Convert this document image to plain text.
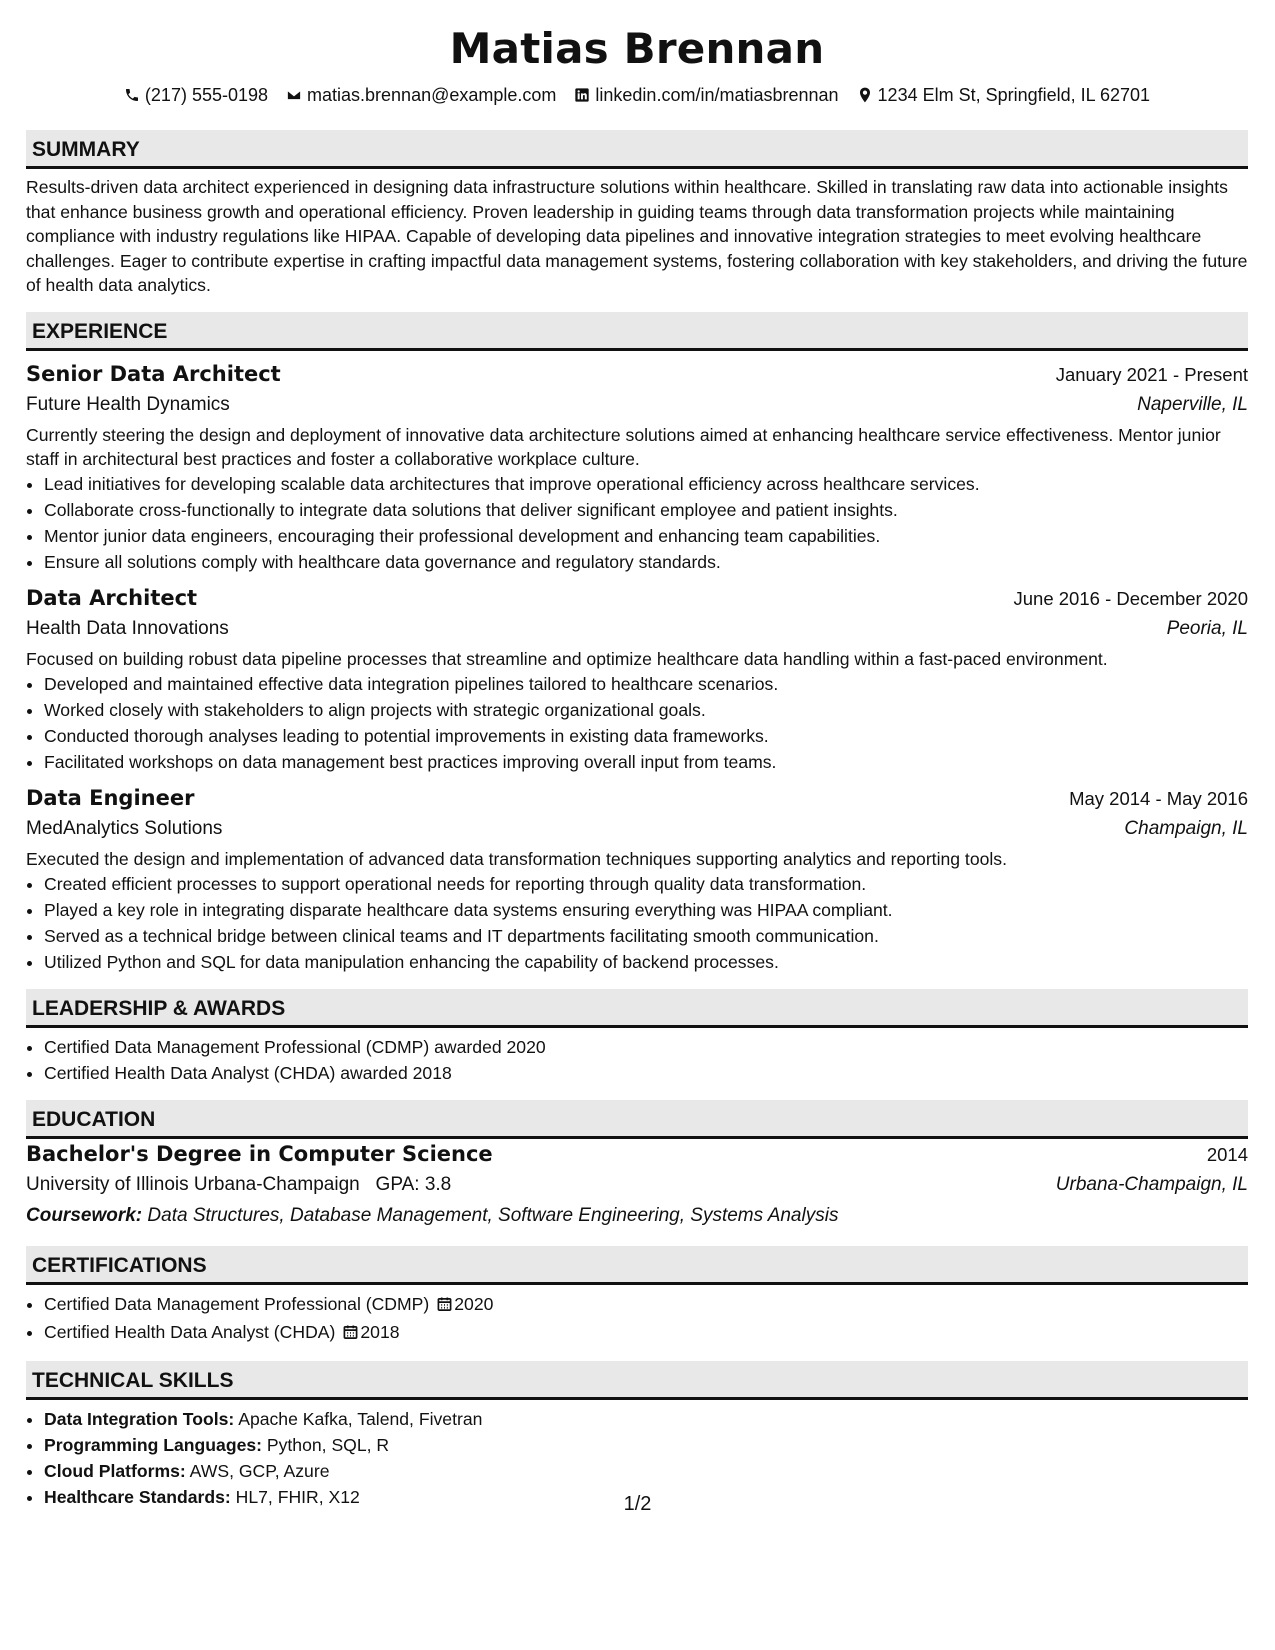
Matias Brennan
(217) 555-0198 matias.brennan@example.com linkedin.com/in/matiasbrennan 1234 Elm St, Springfield, IL 62701
SUMMARY

Results-driven data architect experienced in designing data infrastructure solutions within healthcare. Skilled in translating raw data into actionable insights that enhance business growth and operational efficiency. Proven leadership in guiding teams through data transformation projects while maintaining compliance with industry regulations like HIPAA. Capable of developing data pipelines and innovative integration strategies to meet evolving healthcare challenges. Eager to contribute expertise in crafting impactful data management systems, fostering collaboration with key stakeholders, and driving the future of health data analytics.

EXPERIENCE
Senior Data Architect	January 2021 - Present
Future Health Dynamics	Naperville, IL
Currently steering the design and deployment of innovative data architecture solutions aimed at enhancing healthcare service effectiveness. Mentor junior staff in architectural best practices and foster a collaborative workplace culture.
• Lead initiatives for developing scalable data architectures that improve operational efficiency across healthcare services.
• Collaborate cross-functionally to integrate data solutions that deliver significant employee and patient insights.
• Mentor junior data engineers, encouraging their professional development and enhancing team capabilities.
• Ensure all solutions comply with healthcare data governance and regulatory standards.
Data Architect	June 2016 - December 2020
Health Data Innovations	Peoria, IL
Focused on building robust data pipeline processes that streamline and optimize healthcare data handling within a fast-paced environment.
• Developed and maintained effective data integration pipelines tailored to healthcare scenarios.
• Worked closely with stakeholders to align projects with strategic organizational goals.
• Conducted thorough analyses leading to potential improvements in existing data frameworks.
• Facilitated workshops on data management best practices improving overall input from teams.
Data Engineer	May 2014 - May 2016
MedAnalytics Solutions	Champaign, IL
Executed the design and implementation of advanced data transformation techniques supporting analytics and reporting tools.
• Created efficient processes to support operational needs for reporting through quality data transformation.
• Played a key role in integrating disparate healthcare data systems ensuring everything was HIPAA compliant.
• Served as a technical bridge between clinical teams and IT departments facilitating smooth communication.
• Utilized Python and SQL for data manipulation enhancing the capability of backend processes.
LEADERSHIP & AWARDS
• Certified Data Management Professional (CDMP) awarded 2020
• Certified Health Data Analyst (CHDA) awarded 2018
EDUCATION
Bachelor's Degree in Computer Science	2014
University of Illinois Urbana-Champaign GPA: 3.8	Urbana-Champaign, IL
Coursework: Data Structures, Database Management, Software Engineering, Systems Analysis
CERTIFICATIONS
• Certified Data Management Professional (CDMP) 2020
• Certified Health Data Analyst (CHDA) 2018
TECHNICAL SKILLS
• Data Integration Tools: Apache Kafka, Talend, Fivetran
• Programming Languages: Python, SQL, R
• Cloud Platforms: AWS, GCP, Azure
• Healthcare Standards: HL7, FHIR, X12	1/2
